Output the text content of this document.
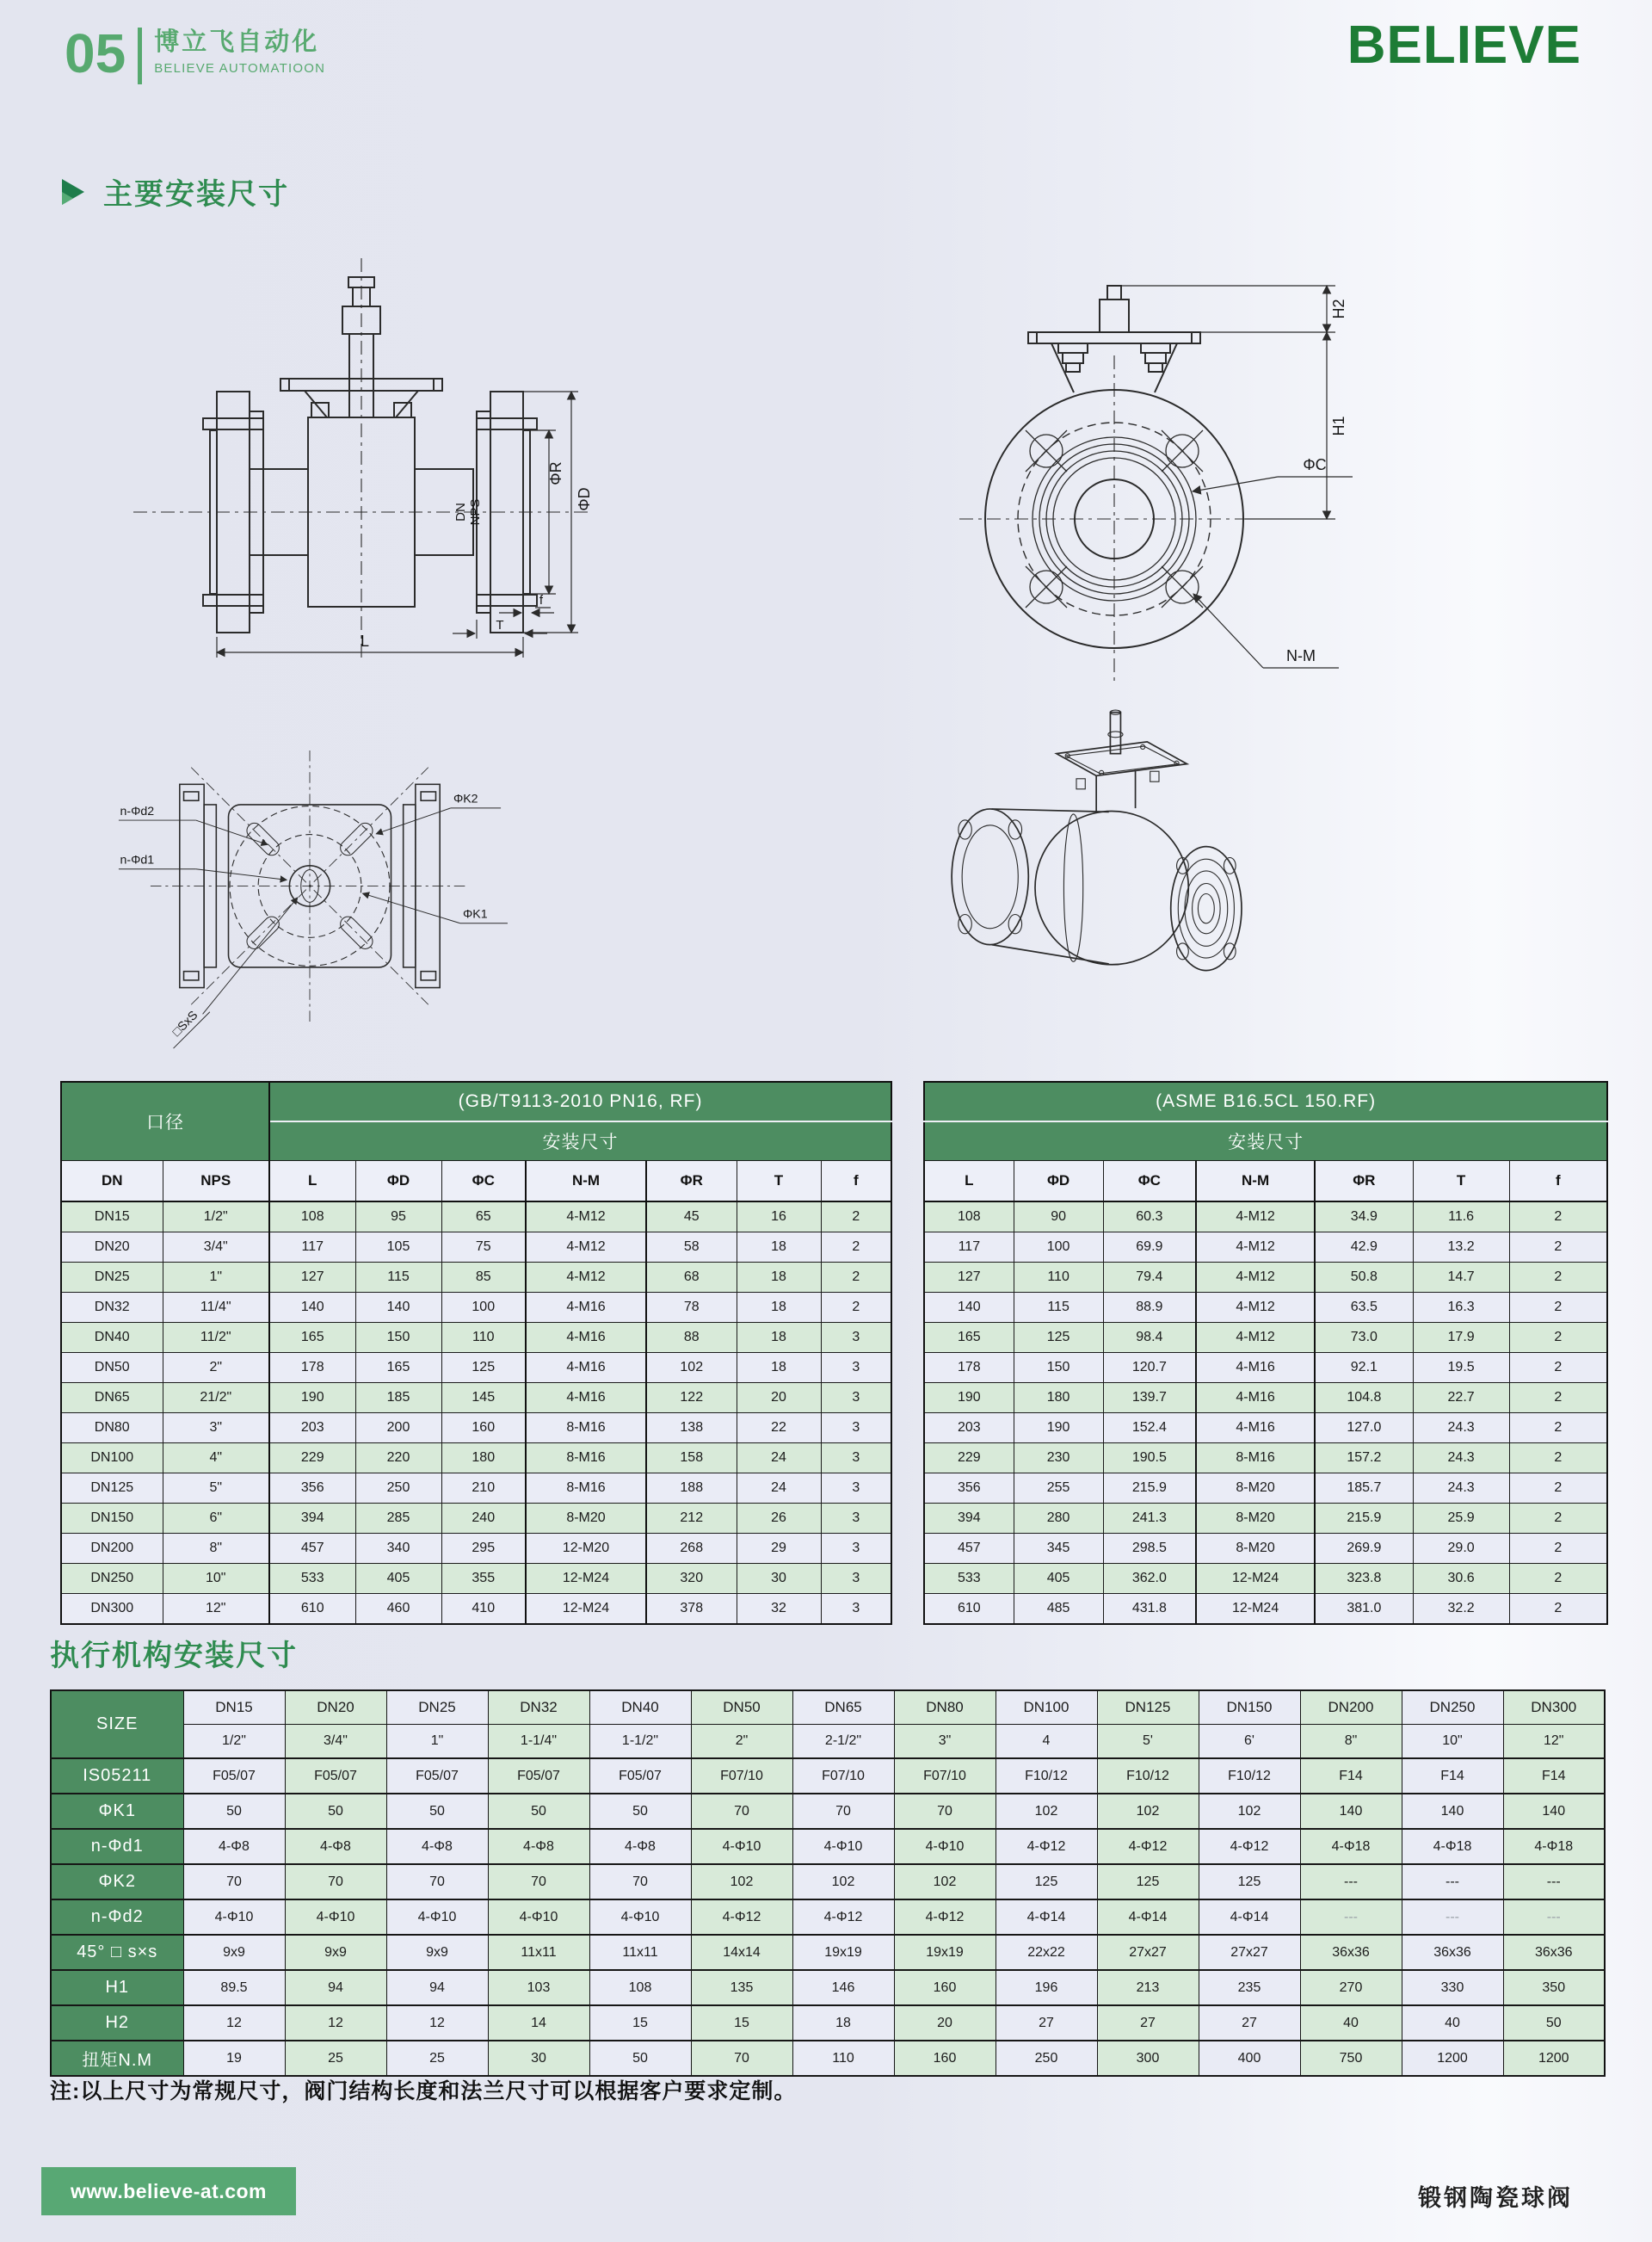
05 博立飞自动化
BELIEVE AUTOMATIOON	BELIEVE
主要安装尺寸
ΦD
ΦR
DN NPS
L
f
T
H2
H1
ΦC
N-M
n-Φd2
n-Φd1
ΦK2
ΦK1
□SxS
口径		(GB/T9113-2010 PN16, RF)						
		安装尺寸						
DN	NPS	L	ΦD	ΦC	N-M	ΦR	T	f
DN15	1/2"	108	95	65	4-M12	45	16	2
DN20	3/4"	117	105	75	4-M12	58	18	2
DN25	1"	127	115	85	4-M12	68	18	2
DN32	11/4"	140	140	100	4-M16	78	18	2
DN40	11/2"	165	150	110	4-M16	88	18	3
DN50	2"	178	165	125	4-M16	102	18	3
DN65	21/2"	190	185	145	4-M16	122	20	3
DN80	3"	203	200	160	8-M16	138	22	3
DN100	4"	229	220	180	8-M16	158	24	3
DN125	5"	356	250	210	8-M16	188	24	3
DN150	6"	394	285	240	8-M20	212	26	3
DN200	8"	457	340	295	12-M20	268	29	3
DN250	10"	533	405	355	12-M24	320	30	3
DN300	12"	610	460	410	12-M24	378	32	3
(ASME B16.5CL 150.RF)						
安装尺寸						
L	ΦD	ΦC	N-M	ΦR	T	f
108	90	60.3	4-M12	34.9	11.6	2
117	100	69.9	4-M12	42.9	13.2	2
127	110	79.4	4-M12	50.8	14.7	2
140	115	88.9	4-M12	63.5	16.3	2
165	125	98.4	4-M12	73.0	17.9	2
178	150	120.7	4-M16	92.1	19.5	2
190	180	139.7	4-M16	104.8	22.7	2
203	190	152.4	4-M16	127.0	24.3	2
229	230	190.5	8-M16	157.2	24.3	2
356	255	215.9	8-M20	185.7	24.3	2
394	280	241.3	8-M20	215.9	25.9	2
457	345	298.5	8-M20	269.9	29.0	2
533	405	362.0	12-M24	323.8	30.6	2
610	485	431.8	12-M24	381.0	32.2	2
执行机构安装尺寸
SIZE	DN15	DN20	DN25	DN32	DN40	DN50	DN65	DN80	DN100	DN125	DN150	DN200	DN250	DN300
	1/2"	3/4"	1"	1-1/4"	1-1/2"	2"	2-1/2"	3"	4	5'	6'	8"	10"	12"
IS05211	F05/07	F05/07	F05/07	F05/07	F05/07	F07/10	F07/10	F07/10	F10/12	F10/12	F10/12	F14	F14	F14
ΦK1	50	50	50	50	50	70	70	70	102	102	102	140	140	140
n-Φd1	4-Φ8	4-Φ8	4-Φ8	4-Φ8	4-Φ8	4-Φ10	4-Φ10	4-Φ10	4-Φ12	4-Φ12	4-Φ12	4-Φ18	4-Φ18	4-Φ18
ΦK2	70	70	70	70	70	102	102	102	125	125	125	---	---	---
n-Φd2	4-Φ10	4-Φ10	4-Φ10	4-Φ10	4-Φ10	4-Φ12	4-Φ12	4-Φ12	4-Φ14	4-Φ14	4-Φ14	---	---	---
45° □ s×s	9x9	9x9	9x9	11x11	11x11	14x14	19x19	19x19	22x22	27x27	27x27	36x36	36x36	36x36
H1	89.5	94	94	103	108	135	146	160	196	213	235	270	330	350
H2	12	12	12	14	15	15	18	20	27	27	27	40	40	50
扭矩N.M	19	25	25	30	50	70	110	160	250	300	400	750	1200	1200
注:以上尺寸为常规尺寸，阀门结构长度和法兰尺寸可以根据客户要求定制。
www.believe-at.com	锻钢陶瓷球阀
